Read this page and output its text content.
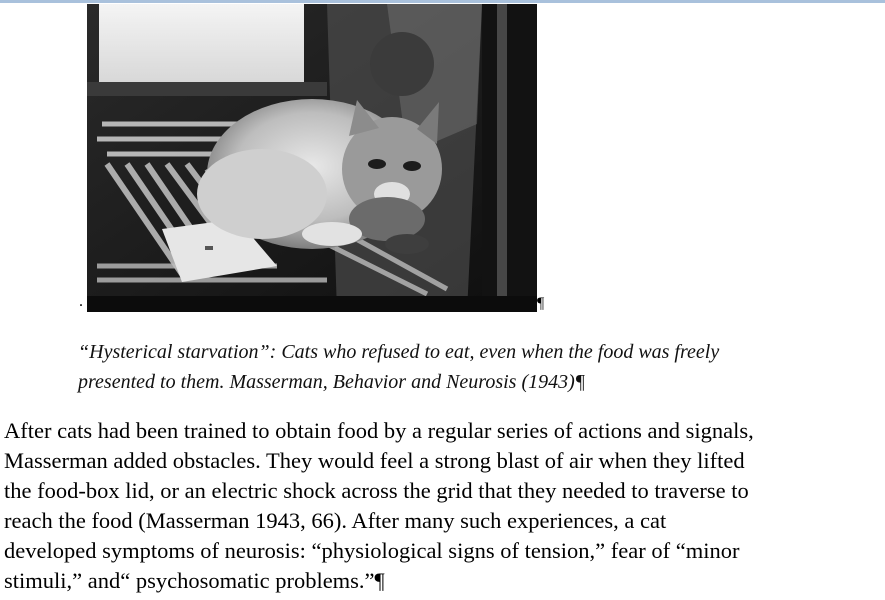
.	¶
“Hysterical starvation”: Cats who refused to eat, even when the food was freely
presented to them. Masserman, Behavior and Neurosis (1943)¶
After cats had been trained to obtain food by a regular series of actions and signals,
Masserman added obstacles. They would feel a strong blast of air when they lifted
the food-box lid, or an electric shock across the grid that they needed to traverse to
reach the food (Masserman 1943, 66). After many such experiences, a cat
developed symptoms of neurosis: “physiological signs of tension,” fear of “minor
stimuli,” and“ psychosomatic problems.”¶
